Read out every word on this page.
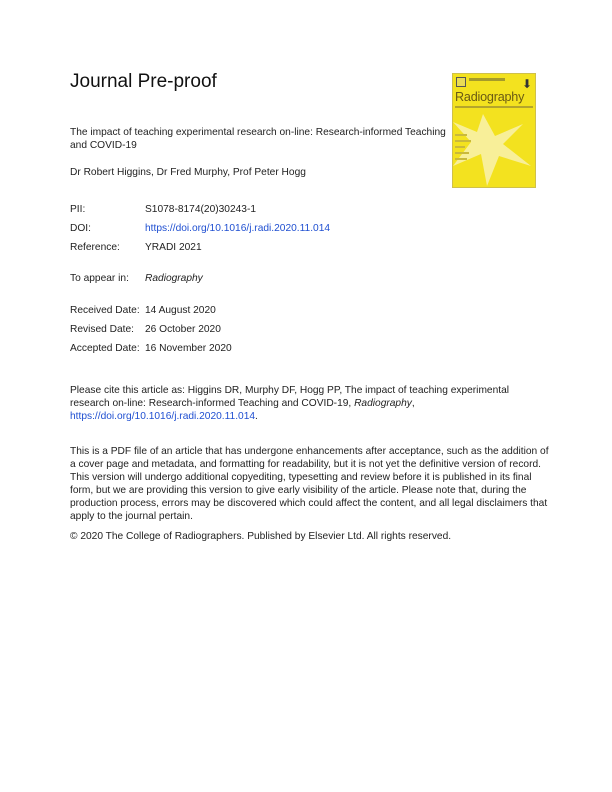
Journal Pre-proof	⬇
Radiography
The impact of teaching experimental research on-line: Research-informed Teaching and COVID-19
Dr Robert Higgins, Dr Fred Murphy, Prof Peter Hogg
PII:	S1078-8174(20)30243-1
DOI:	https://doi.org/10.1016/j.radi.2020.11.014
Reference: YRADI 2021
To appear in: Radiography
Received Date: 14 August 2020
Revised Date: 26 October 2020
Accepted Date: 16 November 2020
Please cite this article as: Higgins DR, Murphy DF, Hogg PP, The impact of teaching experimental research on-line: Research-informed Teaching and COVID-19, Radiography, https://doi.org/10.1016/j.radi.2020.11.014.
This is a PDF file of an article that has undergone enhancements after acceptance, such as the addition of a cover page and metadata, and formatting for readability, but it is not yet the definitive version of record. This version will undergo additional copyediting, typesetting and review before it is published in its final form, but we are providing this version to give early visibility of the article. Please note that, during the production process, errors may be discovered which could affect the content, and all legal disclaimers that apply to the journal pertain.
© 2020 The College of Radiographers. Published by Elsevier Ltd. All rights reserved.
